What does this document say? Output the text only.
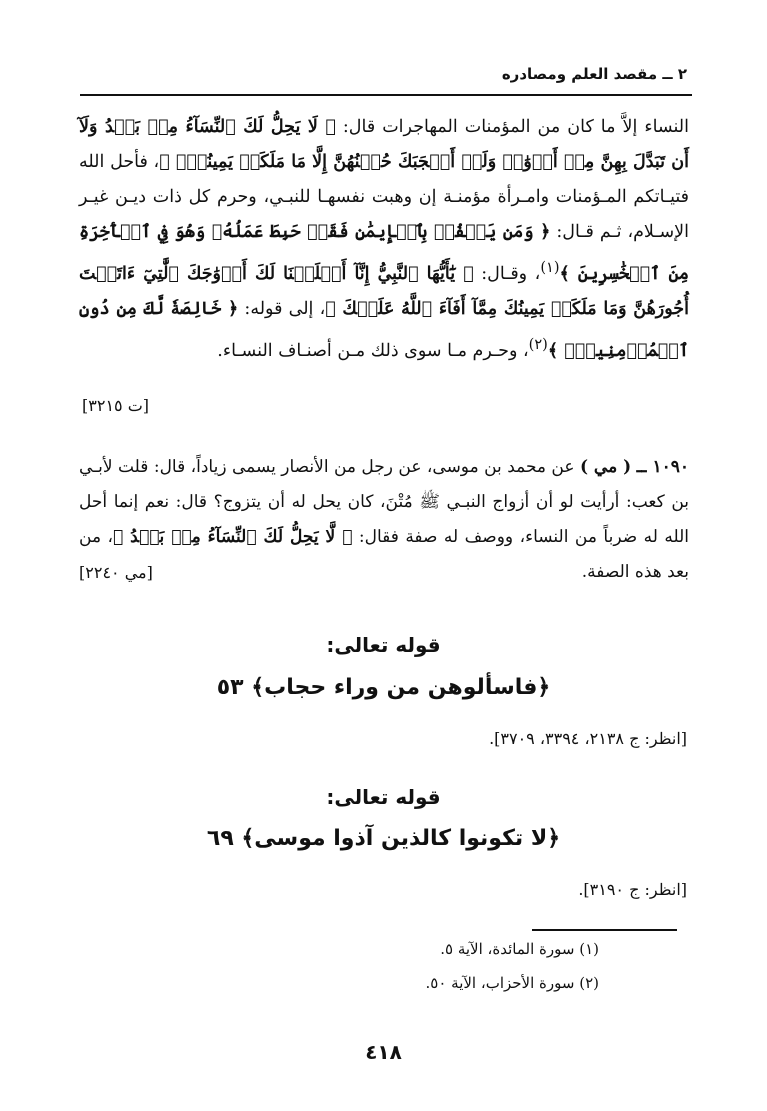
٢ ــ مقصد العلم ومصادره

النساء إلاَّ ما كان من المؤمنات المهاجرات قال: ﴿ لَا يَحِلُّ لَكَ ٱلنِّسَآءُ مِنۢ بَعۡدُ وَلَآ أَن تَبَدَّلَ بِهِنَّ مِنۡ أَزۡوَٰجٖ وَلَوۡ أَعۡجَبَكَ حُسۡنُهُنَّ إِلَّا مَا مَلَكَتۡ يَمِينُكَۗ ﴾، فأحل الله فتيـاتكم المـؤمنات وامـرأة مؤمنـة إن وهبت نفسهـا للنبـي، وحرم كل ذات ديـن غيـر الإسـلام، ثـم قـال: ﴿ وَمَن يَكۡفُرۡ بِٱلۡإِيمَٰنِ فَقَدۡ حَبِطَ عَمَلُهُۥ وَهُوَ فِي ٱلۡأٓخِرَةِ مِنَ ٱلۡخَٰسِرِينَ ﴾$^{(١)}$، وقـال: ﴿ يَٰٓأَيُّهَا ٱلنَّبِيُّ إِنَّآ أَحۡلَلۡنَا لَكَ أَزۡوَٰجَكَ ٱلَّٰتِيٓ ءَاتَيۡتَ أُجُورَهُنَّ وَمَا مَلَكَتۡ يَمِينُكَ مِمَّآ أَفَآءَ ٱللَّهُ عَلَيۡكَ ﴾، إلى قوله: ﴿ خَالِصَةٗ لَّكَ مِن دُونِ ٱلۡمُؤۡمِنِينَۗ ﴾$^{(٢)}$، وحـرم مـا سوى ذلك مـن أصنـاف النسـاء.

[ت ٣٢١٥]

١٠٩٠ ــ ( مي ) عن محمد بن موسى، عن رجل من الأنصار يسمى زياداً، قال: قلت لأبـي بن كعب: أرأيت لو أن أزواج النبـي ﷺ مُتْنَ، كان يحل له أن يتزوج؟ قال: نعم إنما أحل الله له ضرباً من النساء، ووصف له صفة فقال: ﴿ لَّا يَحِلُّ لَكَ ٱلنِّسَآءُ مِنۢ بَعۡدُ ﴾، من بعد هذه الصفة.
[مي ٢٢٤٠]

قوله تعالى:
﴿فاسألوهن من وراء حجاب﴾ ٥٣
[انظر: ج ٢١٣٨، ٣٣٩٤، ٣٧٠٩].
قوله تعالى:
﴿لا تكونوا كالذين آذوا موسى﴾ ٦٩
[انظر: ج ٣١٩٠].
(١) سورة المائدة، الآية ٥.
(٢) سورة الأحزاب، الآية ٥٠.
٤١٨
